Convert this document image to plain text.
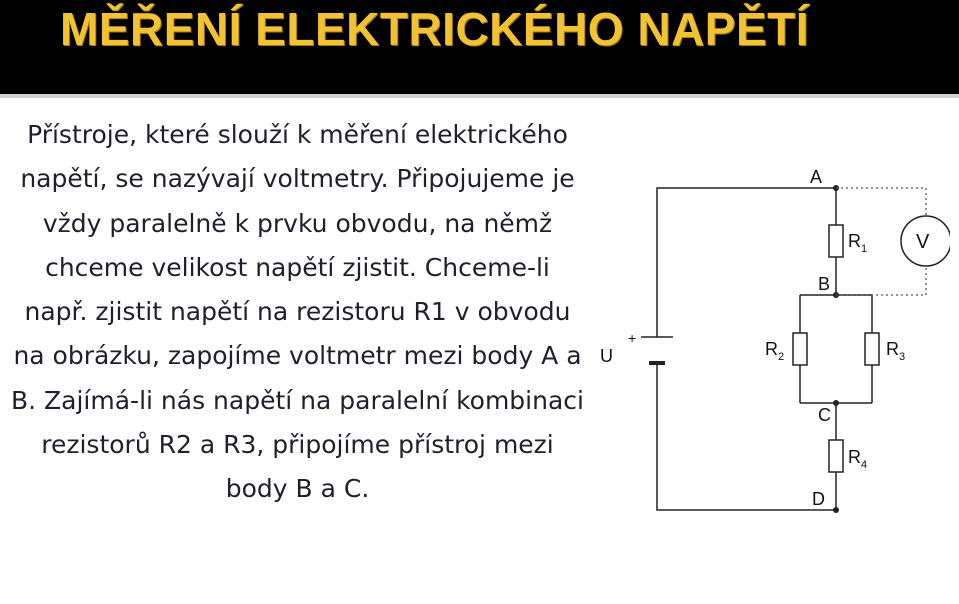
MĚŘENÍ ELEKTRICKÉHO NAPĚTÍ

Přístroje, které slouží k měření elektrického napětí, se nazývají voltmetry. Připojujeme je vždy paralelně k prvku obvodu, na němž chceme velikost napětí zjistit. Chceme-li např. zjistit napětí na rezistoru R1 v obvodu na obrázku, zapojíme voltmetr mezi body A a B. Zajímá-li nás napětí na paralelní kombinaci rezistorů R2 a R3, připojíme přístroj mezi body B a C.

A
B
C
D
U
+
V
$R_1$
$R_2$	$R_3$
$R_4$
